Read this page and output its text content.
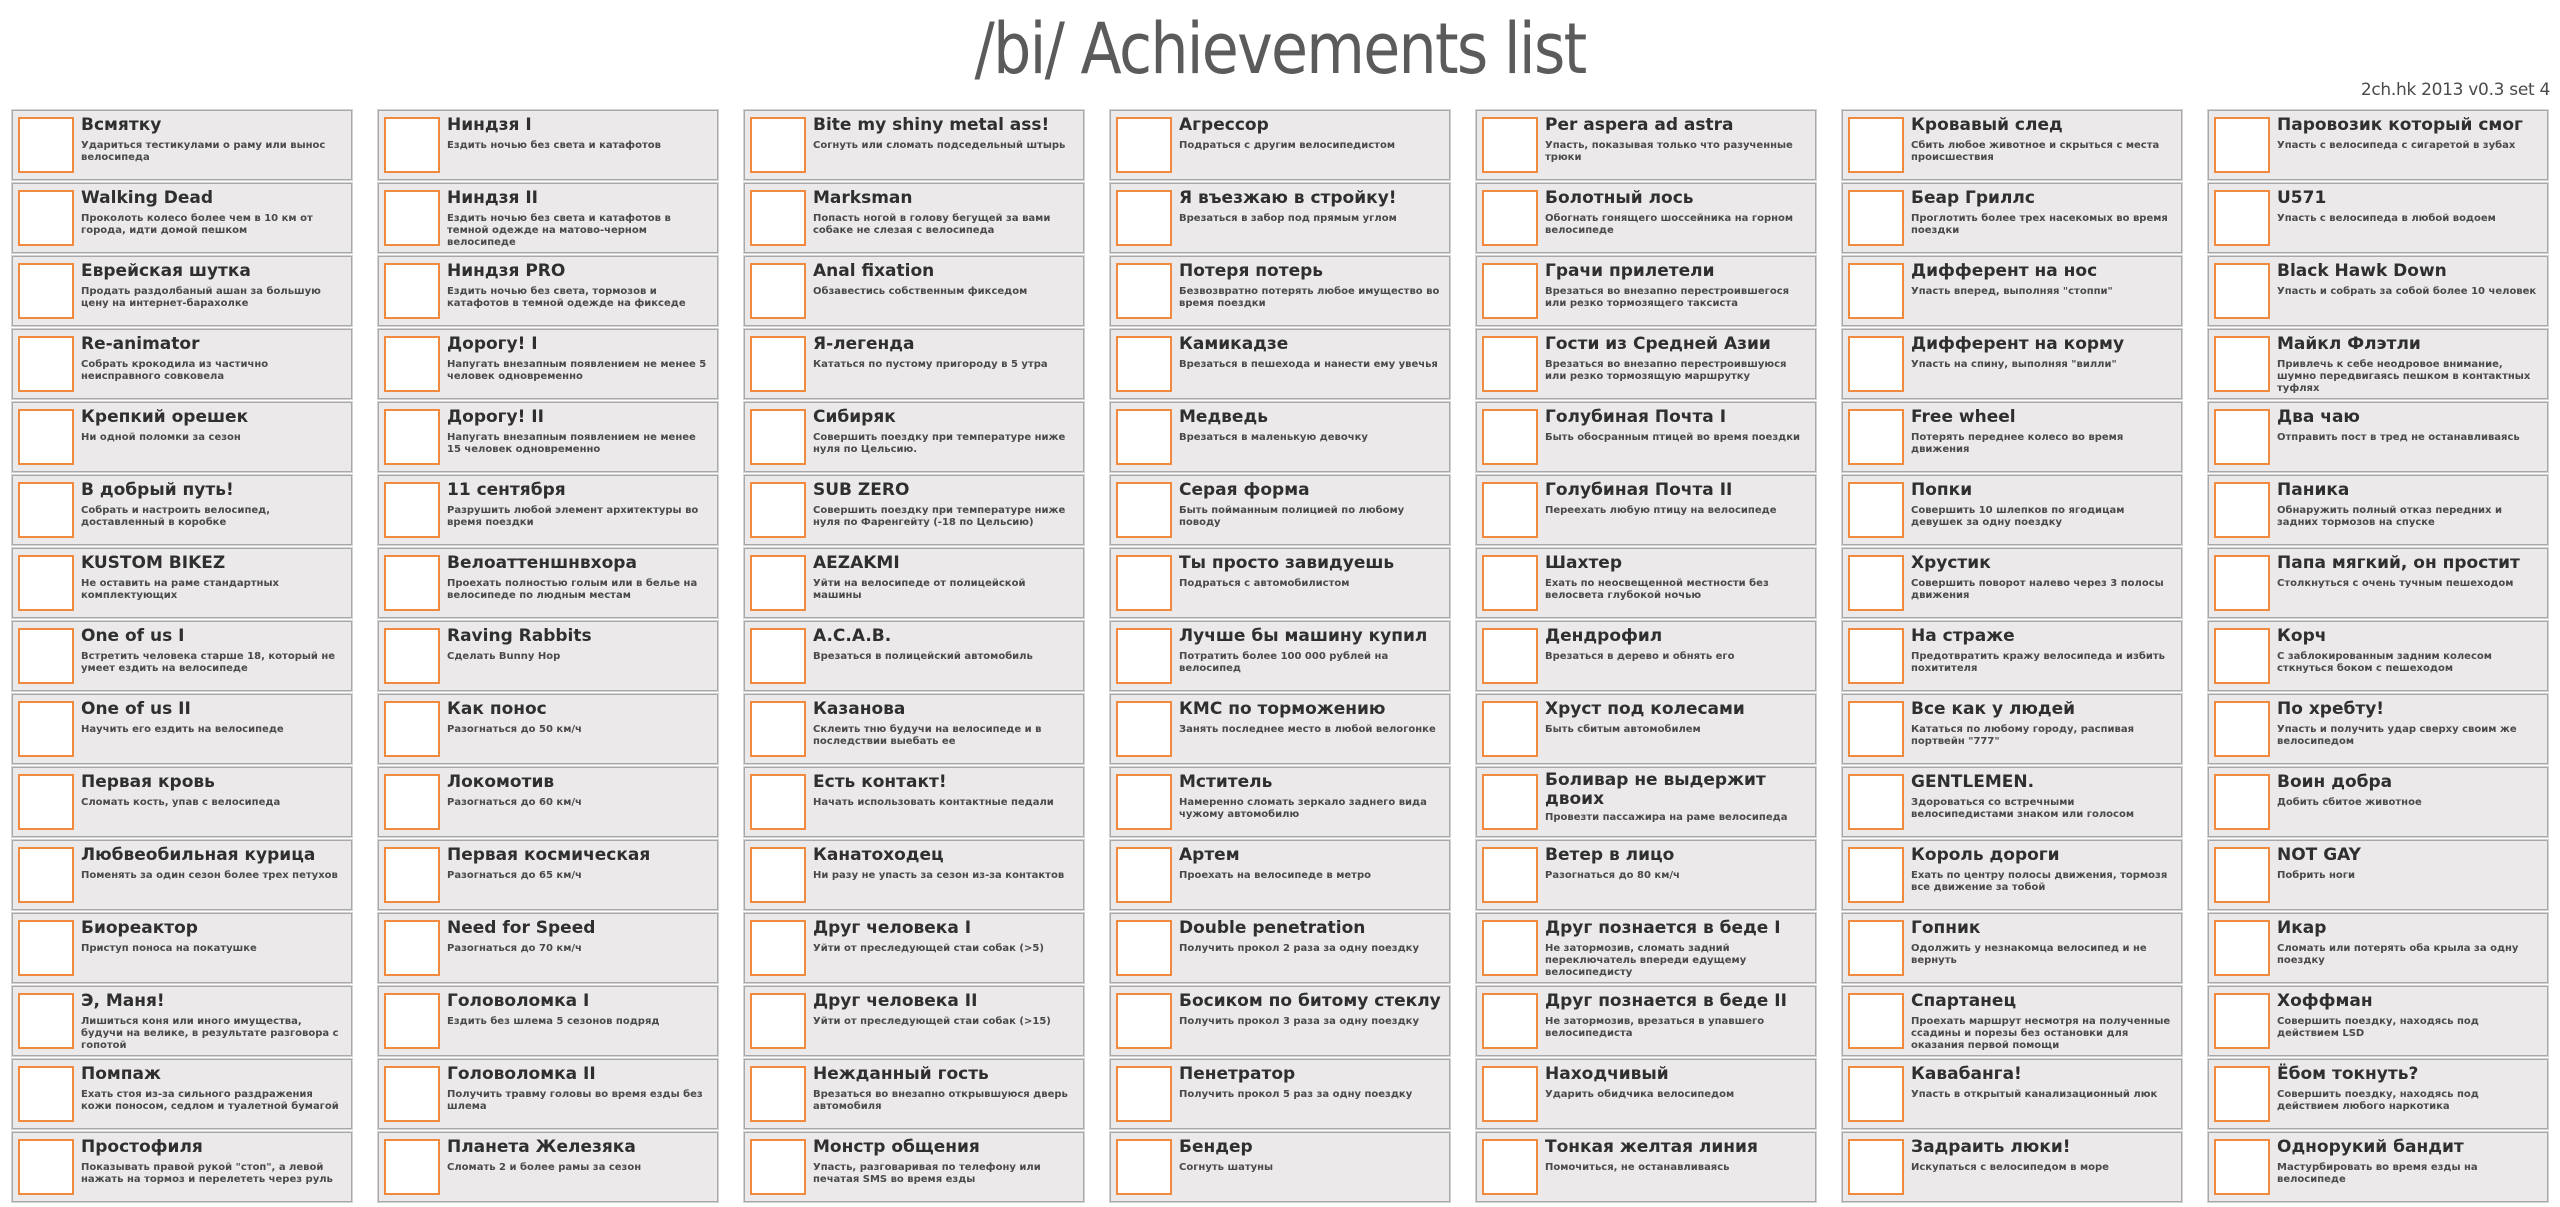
/bi/ Achievements list	2ch.hk 2013 v0.3 set 4
Всмятку
Удариться тестикулами о раму или вынос велосипеда
Walking Dead
Проколоть колесо более чем в 10 км от города, идти домой пешком
Еврейская шутка
Продать раздолбаный ашан за большую цену на интернет-барахолке
Re-animator
Собрать крокодила из частично неисправного совковела
Крепкий орешек
Ни одной поломки за сезон
В добрый путь!
Собрать и настроить велосипед, доставленный в коробке
KUSTOM BIKEZ
Не оставить на раме стандартных комплектующих
One of us I
Встретить человека старше 18, который не умеет ездить на велосипеде
One of us II
Научить его ездить на велосипеде
Первая кровь
Сломать кость, упав с велосипеда
Любвеобильная курица
Поменять за один сезон более трех петухов
Биореактор
Приступ поноса на покатушке
Э, Маня!
Лишиться коня или иного имущества, будучи на велике, в результате разговора с гопотой
Помпаж
Ехать стоя из-за сильного раздражения кожи поносом, седлом и туалетной бумагой
Простофиля
Показывать правой рукой "стоп", а левой нажать на тормоз и перелететь через руль
Ниндзя I
Ездить ночью без света и катафотов
Ниндзя II
Ездить ночью без света и катафотов в темной одежде на матово-черном велосипеде
Ниндзя PRO
Ездить ночью без света, тормозов и катафотов в темной одежде на фикседе
Дорогу! I
Напугать внезапным появлением не менее 5 человек одновременно
Дорогу! II
Напугать внезапным появлением не менее 15 человек одновременно
11 сентября
Разрушить любой элемент архитектуры во время поездки
Велоаттеншнвхора
Проехать полностью голым или в белье на велосипеде по людным местам
Raving Rabbits
Сделать Bunny Hop
Как понос
Разогнаться до 50 км/ч
Локомотив
Разогнаться до 60 км/ч
Первая космическая
Разогнаться до 65 км/ч
Need for Speed
Разогнаться до 70 км/ч
Головоломка I
Ездить без шлема 5 сезонов подряд
Головоломка II
Получить травму головы во время езды без шлема
Планета Железяка
Сломать 2 и более рамы за сезон
Bite my shiny metal ass!
Согнуть или сломать подседельный штырь
Marksman
Попасть ногой в голову бегущей за вами собаке не слезая с велосипеда
Anal fixation
Обзавестись собственным фикседом
Я-легенда
Кататься по пустому пригороду в 5 утра
Сибиряк
Совершить поездку при температуре ниже нуля по Цельсию.
SUB ZERO
Совершить поездку при температуре ниже нуля по Фаренгейту (-18 по Цельсию)
AEZAKMI
Уйти на велосипеде от полицейской машины
A.C.A.B.
Врезаться в полицейский автомобиль
Казанова
Склеить тню будучи на велосипеде и в последствии выебать ее
Есть контакт!
Начать использовать контактные педали
Канатоходец
Ни разу не упасть за сезон из-за контактов
Друг человека I
Уйти от преследующей стаи собак (>5)
Друг человека II
Уйти от преследующей стаи собак (>15)
Нежданный гость
Врезаться во внезапно открывшуюся дверь автомобиля
Монстр общения
Упасть, разговаривая по телефону или печатая SMS во время езды
Агрессор
Подраться с другим велосипедистом
Я въезжаю в стройку!
Врезаться в забор под прямым углом
Потеря потерь
Безвозвратно потерять любое имущество во время поездки
Камикадзе
Врезаться в пешехода и нанести ему увечья
Медведь
Врезаться в маленькую девочку
Серая форма
Быть пойманным полицией по любому поводу
Ты просто завидуешь
Подраться с автомобилистом
Лучше бы машину купил
Потратить более 100 000 рублей на велосипед
КМС по торможению
Занять последнее место в любой велогонке
Мститель
Намеренно сломать зеркало заднего вида чужому автомобилю
Артем
Проехать на велосипеде в метро
Double penetration
Получить прокол 2 раза за одну поездку
Босиком по битому стеклу
Получить прокол 3 раза за одну поездку
Пенетратор
Получить прокол 5 раз за одну поездку
Бендер
Согнуть шатуны
Per aspera ad astra
Упасть, показывая только что разученные трюки
Болотный лось
Обогнать гонящего шоссейника на горном велосипеде
Грачи прилетели
Врезаться во внезапно перестроившегося или резко тормозящего таксиста
Гости из Средней Азии
Врезаться во внезапно перестроившуюся или резко тормозящую маршрутку
Голубиная Почта I
Быть обосранным птицей во время поездки
Голубиная Почта II
Переехать любую птицу на велосипеде
Шахтер
Ехать по неосвещенной местности без велосвета глубокой ночью
Дендрофил
Врезаться в дерево и обнять его
Хруст под колесами
Быть сбитым автомобилем
Боливар не выдержит двоих
Провезти пассажира на раме велосипеда
Ветер в лицо
Разогнаться до 80 км/ч
Друг познается в беде I
Не затормозив, сломать задний переключатель впереди едущему велосипедисту
Друг познается в беде II
Не затормозив, врезаться в упавшего велосипедиста
Находчивый
Ударить обидчика велосипедом
Тонкая желтая линия
Помочиться, не останавливаясь
Кровавый след
Сбить любое животное и скрыться с места происшествия
Беар Гриллс
Проглотить более трех насекомых во время поездки
Дифферент на нос
Упасть вперед, выполняя "стоппи"
Дифферент на корму
Упасть на спину, выполняя "вилли"
Free wheel
Потерять переднее колесо во время движения
Попки
Совершить 10 шлепков по ягодицам девушек за одну поездку
Хрустик
Совершить поворот налево через 3 полосы движения
На страже
Предотвратить кражу велосипеда и избить похитителя
Все как у людей
Кататься по любому городу, распивая портвейн "777"
GENTLEMEN.
Здороваться со встречными велосипедистами знаком или голосом
Король дороги
Ехать по центру полосы движения, тормозя все движение за тобой
Гопник
Одолжить у незнакомца велосипед и не вернуть
Спартанец
Проехать маршрут несмотря на полученные ссадины и порезы без остановки для оказания первой помощи
Кавабанга!
Упасть в открытый канализационный люк
Задраить люки!
Искупаться с велосипедом в море
Паровозик который смог
Упасть с велосипеда с сигаретой в зубах
U571
Упасть с велосипеда в любой водоем
Black Hawk Down
Упасть и собрать за собой более 10 человек
Майкл Флэтли
Привлечь к себе неодровое внимание, шумно передвигаясь пешком в контактных туфлях
Два чаю
Отправить пост в тред не останавливаясь
Паника
Обнаружить полный отказ передних и задних тормозов на спуске
Папа мягкий, он простит
Столкнуться с очень тучным пешеходом
Корч
С заблокированным задним колесом сткнуться боком с пешеходом
По хребту!
Упасть и получить удар сверху своим же велосипедом
Воин добра
Добить сбитое животное
NOT GAY
Побрить ноги
Икар
Сломать или потерять оба крыла за одну поездку
Хоффман
Совершить поездку, находясь под действием LSD
Ёбом токнуть?
Совершить поездку, находясь под действием любого наркотика
Однорукий бандит
Мастурбировать во время езды на велосипеде
